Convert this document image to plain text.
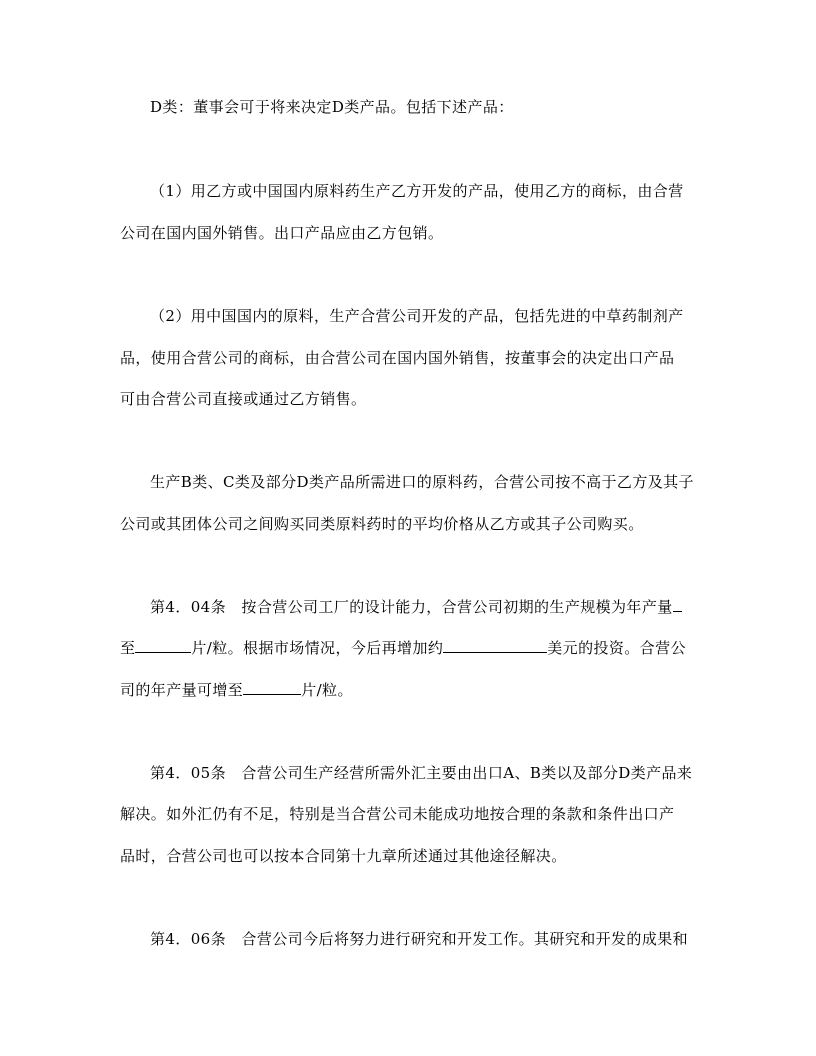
D类：董事会可于将来决定D类产品。包括下述产品：
（1）用乙方或中国国内原料药生产乙方开发的产品，使用乙方的商标，由合营
公司在国内国外销售。出口产品应由乙方包销。
（2）用中国国内的原料，生产合营公司开发的产品，包括先进的中草药制剂产
品，使用合营公司的商标，由合营公司在国内国外销售，按董事会的决定出口产品
可由合营公司直接或通过乙方销售。
生产B类、C类及部分D类产品所需进口的原料药，合营公司按不高于乙方及其子
公司或其团体公司之间购买同类原料药时的平均价格从乙方或其子公司购买。
第4．04条　按合营公司工厂的设计能力，合营公司初期的生产规模为年产量
至	片/粒。根据市场情况，今后再增加约	美元的投资。合营公
司的年产量可增至	片/粒。
第4．05条　合营公司生产经营所需外汇主要由出口A、B类以及部分D类产品来
解决。如外汇仍有不足，特别是当合营公司未能成功地按合理的条款和条件出口产
品时，合营公司也可以按本合同第十九章所述通过其他途径解决。
第4．06条　合营公司今后将努力进行研究和开发工作。其研究和开发的成果和
